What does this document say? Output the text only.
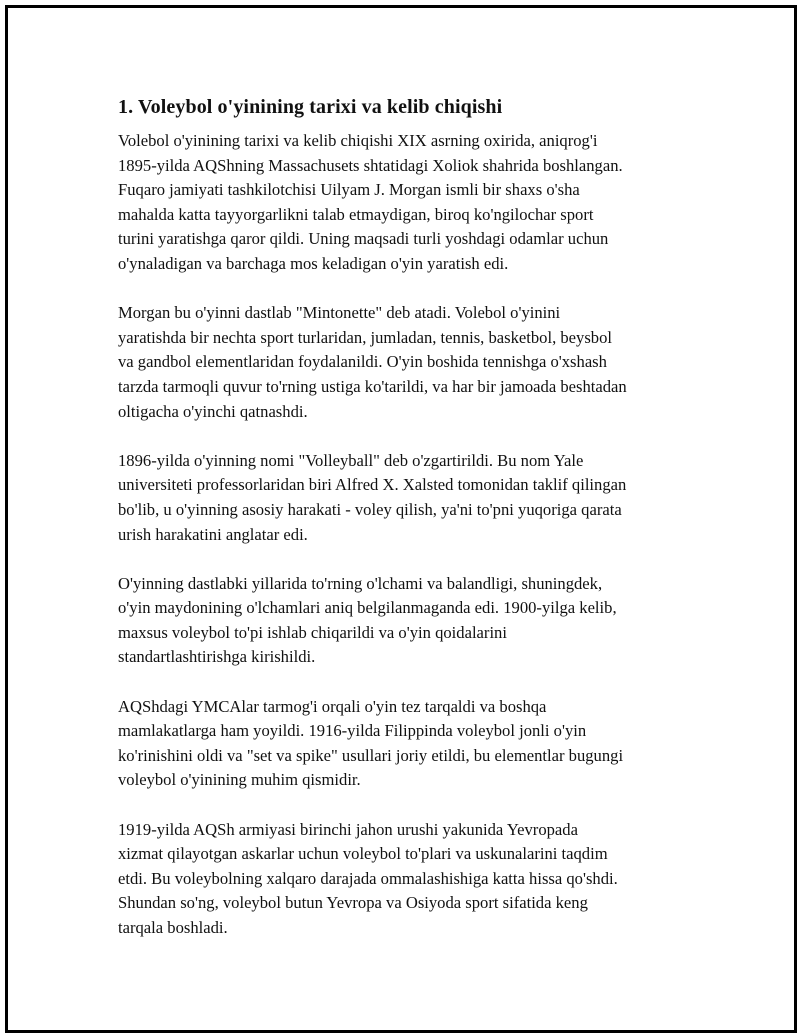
1. Voleybol o'yinining tarixi va kelib chiqishi

Volebol o'yinining tarixi va kelib chiqishi XIX asrning oxirida, aniqrog'i
1895-yilda AQShning Massachusets shtatidagi Xoliok shahrida boshlangan.
Fuqaro jamiyati tashkilotchisi Uilyam J. Morgan ismli bir shaxs o'sha
mahalda katta tayyorgarlikni talab etmaydigan, biroq ko'ngilochar sport
turini yaratishga qaror qildi. Uning maqsadi turli yoshdagi odamlar uchun
o'ynaladigan va barchaga mos keladigan o'yin yaratish edi.

Morgan bu o'yinni dastlab "Mintonette" deb atadi. Volebol o'yinini
yaratishda bir nechta sport turlaridan, jumladan, tennis, basketbol, beysbol
va gandbol elementlaridan foydalanildi. O'yin boshida tennishga o'xshash
tarzda tarmoqli quvur to'rning ustiga ko'tarildi, va har bir jamoada beshtadan
oltigacha o'yinchi qatnashdi.

1896-yilda o'yinning nomi "Volleyball" deb o'zgartirildi. Bu nom Yale
universiteti professorlaridan biri Alfred X. Xalsted tomonidan taklif qilingan
bo'lib, u o'yinning asosiy harakati - voley qilish, ya'ni to'pni yuqoriga qarata
urish harakatini anglatar edi.

O'yinning dastlabki yillarida to'rning o'lchami va balandligi, shuningdek,
o'yin maydonining o'lchamlari aniq belgilanmaganda edi. 1900-yilga kelib,
maxsus voleybol to'pi ishlab chiqarildi va o'yin qoidalarini
standartlashtirishga kirishildi.

AQShdagi YMCAlar tarmog'i orqali o'yin tez tarqaldi va boshqa
mamlakatlarga ham yoyildi. 1916-yilda Filippinda voleybol jonli o'yin
ko'rinishini oldi va "set va spike" usullari joriy etildi, bu elementlar bugungi
voleybol o'yinining muhim qismidir.

1919-yilda AQSh armiyasi birinchi jahon urushi yakunida Yevropada
xizmat qilayotgan askarlar uchun voleybol to'plari va uskunalarini taqdim
etdi. Bu voleybolning xalqaro darajada ommalashishiga katta hissa qo'shdi.
Shundan so'ng, voleybol butun Yevropa va Osiyoda sport sifatida keng
tarqala boshladi.
